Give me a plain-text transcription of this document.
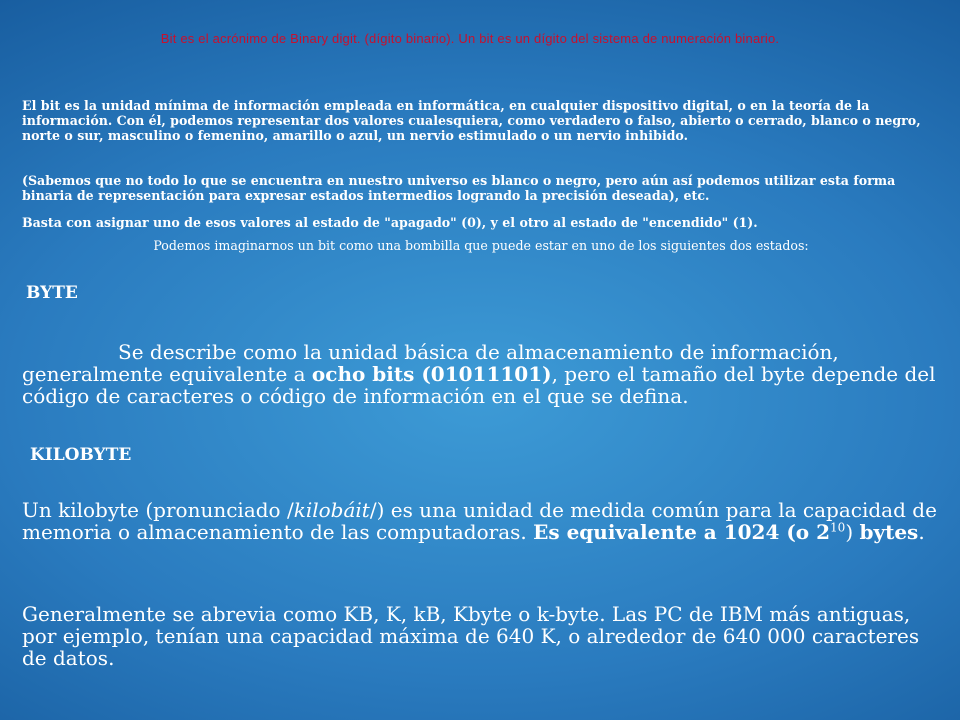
Bit es el acrónimo de Binary digit. (dígito binario). Un bit es un dígito del sistema de numeración binario.
El bit es la unidad mínima de información empleada en informática, en cualquier dispositivo digital, o en la teoría de la información. Con él, podemos representar dos valores cualesquiera, como verdadero o falso, abierto o cerrado, blanco o negro, norte o sur, masculino o femenino, amarillo o azul, un nervio estimulado o un nervio inhibido.
(Sabemos que no todo lo que se encuentra en nuestro universo es blanco o negro, pero aún así podemos utilizar esta forma binaria de representación para expresar estados intermedios logrando la precisión deseada), etc.
Basta con asignar uno de esos valores al estado de "apagado" (0), y el otro al estado de "encendido" (1).
Podemos imaginarnos un bit como una bombilla que puede estar en uno de los siguientes dos estados:
BYTE
Se describe como la unidad básica de almacenamiento de información, generalmente equivalente a ocho bits (01011101), pero el tamaño del byte depende del código de caracteres o código de información en el que se defina.
KILOBYTE
Un kilobyte (pronunciado /kilobáit/) es una unidad de medida común para la capacidad de memoria o almacenamiento de las computadoras. Es equivalente a 1024 (o $2^{10}$) bytes.
Generalmente se abrevia como KB, K, kB, Kbyte o k-byte. Las PC de IBM más antiguas, por ejemplo, tenían una capacidad máxima de 640 K, o alrededor de 640 000 caracteres de datos.
